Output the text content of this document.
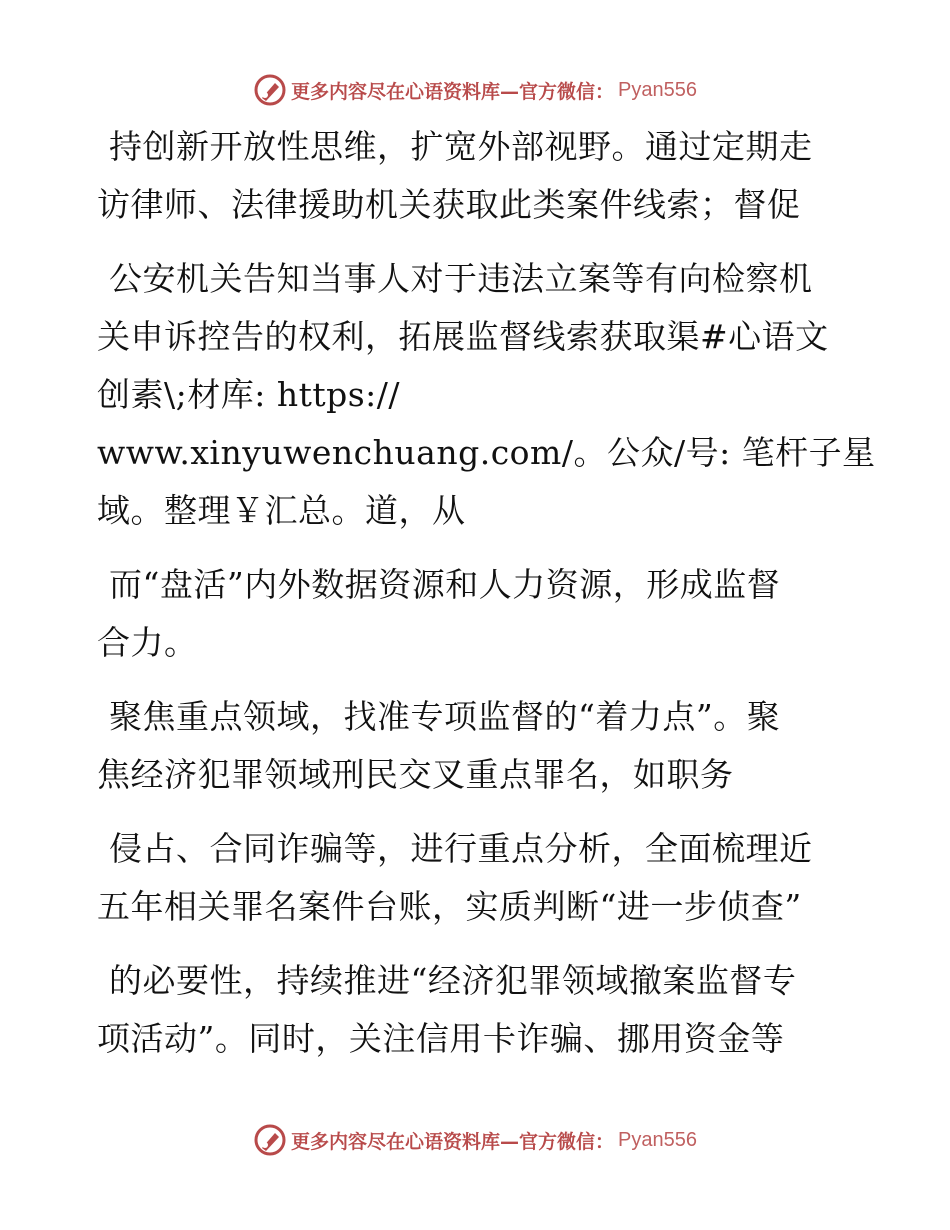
更多内容尽在心语资料库—官方微信： Pyan556
持创新开放性思维，扩宽外部视野。通过定期走
访律师、法律援助机关获取此类案件线索；督促
公安机关告知当事人对于违法立案等有向检察机
关申诉控告的权利，拓展监督线索获取渠#心语文
创素\;材库: https://
www.xinyuwenchuang.com/。公众/号: 笔杆子星
域。整理￥汇总。道，从
而“盘活”内外数据资源和人力资源，形成监督
合力。
聚焦重点领域，找准专项监督的“着力点”。聚
焦经济犯罪领域刑民交叉重点罪名，如职务
侵占、合同诈骗等，进行重点分析，全面梳理近
五年相关罪名案件台账，实质判断“进一步侦查”
的必要性，持续推进“经济犯罪领域撤案监督专
项活动”。同时，关注信用卡诈骗、挪用资金等
更多内容尽在心语资料库—官方微信： Pyan556
